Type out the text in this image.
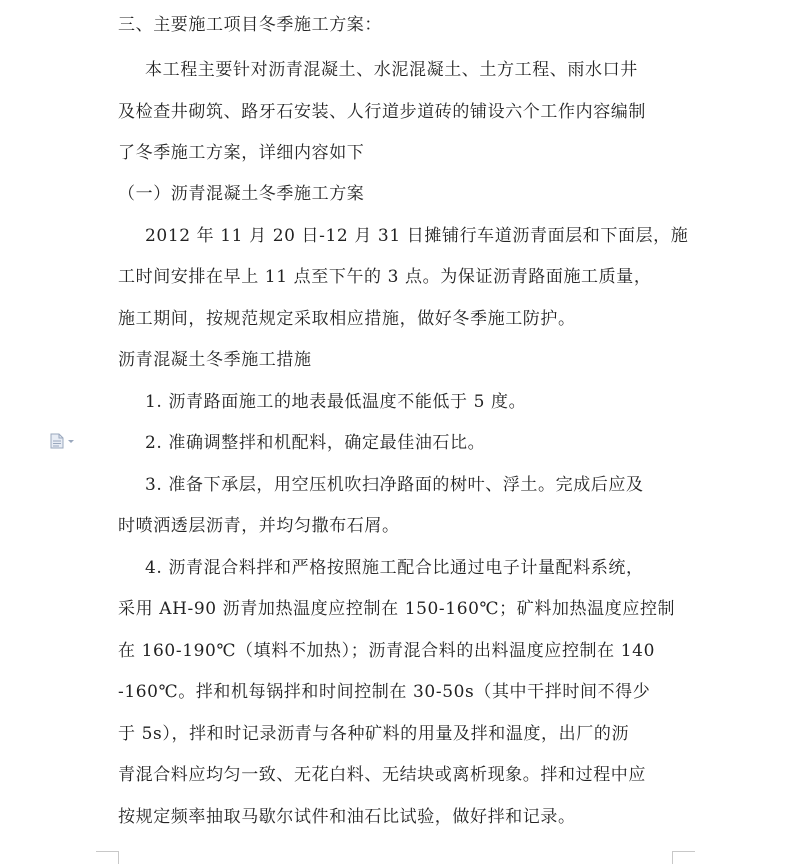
三、主要施工项目冬季施工方案：
本工程主要针对沥青混凝土、水泥混凝土、土方工程、雨水口井
及检查井砌筑、路牙石安装、人行道步道砖的铺设六个工作内容编制
了冬季施工方案，详细内容如下
（一）沥青混凝土冬季施工方案
2012 年 11 月 20 日-12 月 31 日摊铺行车道沥青面层和下面层，施
工时间安排在早上 11 点至下午的 3 点。为保证沥青路面施工质量，
施工期间，按规范规定采取相应措施，做好冬季施工防护。
沥青混凝土冬季施工措施
1. 沥青路面施工的地表最低温度不能低于 5 度。
2. 准确调整拌和机配料，确定最佳油石比。
3. 准备下承层，用空压机吹扫净路面的树叶、浮土。完成后应及
时喷洒透层沥青，并均匀撒布石屑。
4. 沥青混合料拌和严格按照施工配合比通过电子计量配料系统，
采用 AH-90 沥青加热温度应控制在 150-160℃；矿料加热温度应控制
在 160-190℃（填料不加热）；沥青混合料的出料温度应控制在 140
-160℃。拌和机每锅拌和时间控制在 30-50s（其中干拌时间不得少
于 5s），拌和时记录沥青与各种矿料的用量及拌和温度，出厂的沥
青混合料应均匀一致、无花白料、无结块或离析现象。拌和过程中应
按规定频率抽取马歇尔试件和油石比试验，做好拌和记录。
